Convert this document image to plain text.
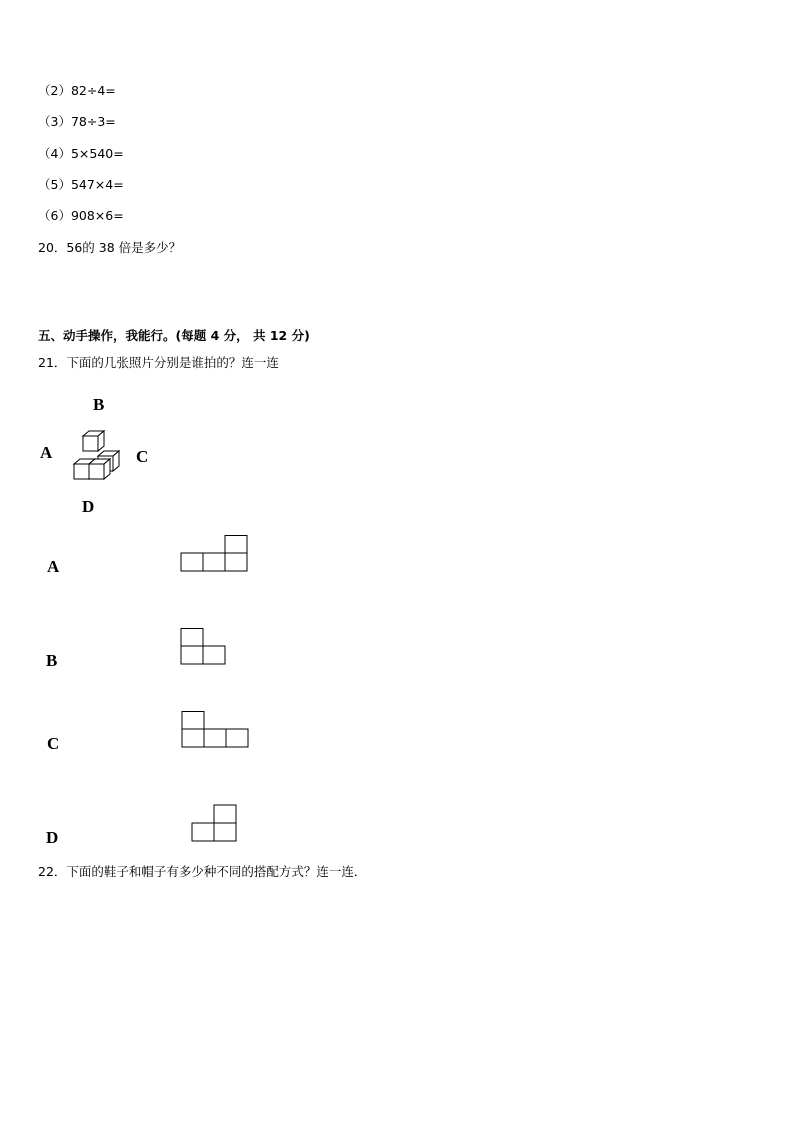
（2）82÷4=
（3）78÷3=
（4）5×540=
（5）547×4=
（6）908×6=
20．56的 38 倍是多少？
五、动手操作，我能行。(每题 4 分， 共 12 分)
21．下面的几张照片分别是谁拍的？连一连
B
A	C
D
A
B
C
D
22．下面的鞋子和帽子有多少种不同的搭配方式？连一连．
